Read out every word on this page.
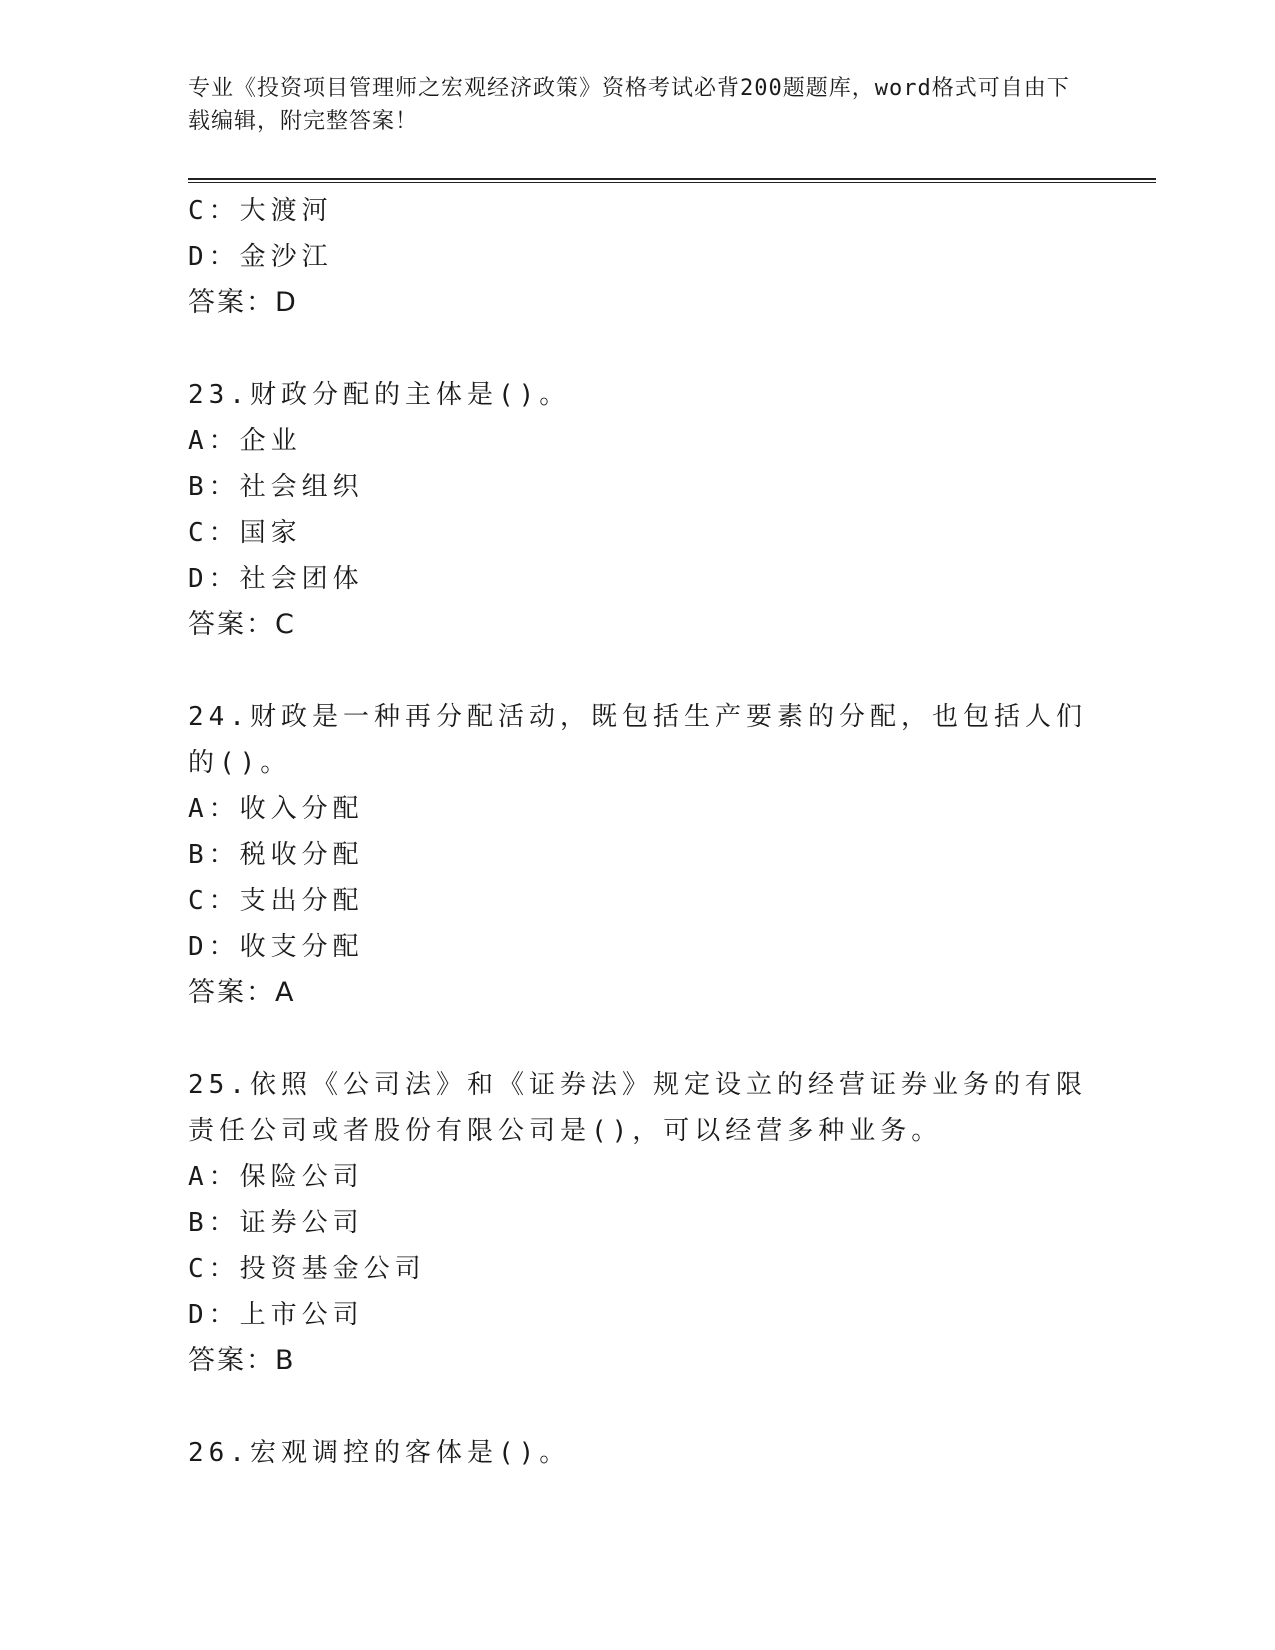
专业《投资项目管理师之宏观经济政策》资格考试必背200题题库，word格式可自由下载编辑，附完整答案！
C：大渡河
D：金沙江
答案：D
23.财政分配的主体是()。
A：企业
B：社会组织
C：国家
D：社会团体
答案：C
24.财政是一种再分配活动，既包括生产要素的分配，也包括人们的()。
A：收入分配
B：税收分配
C：支出分配
D：收支分配
答案：A
25.依照《公司法》和《证券法》规定设立的经营证券业务的有限责任公司或者股份有限公司是()，可以经营多种业务。
A：保险公司
B：证券公司
C：投资基金公司
D：上市公司
答案：B
26.宏观调控的客体是()。
